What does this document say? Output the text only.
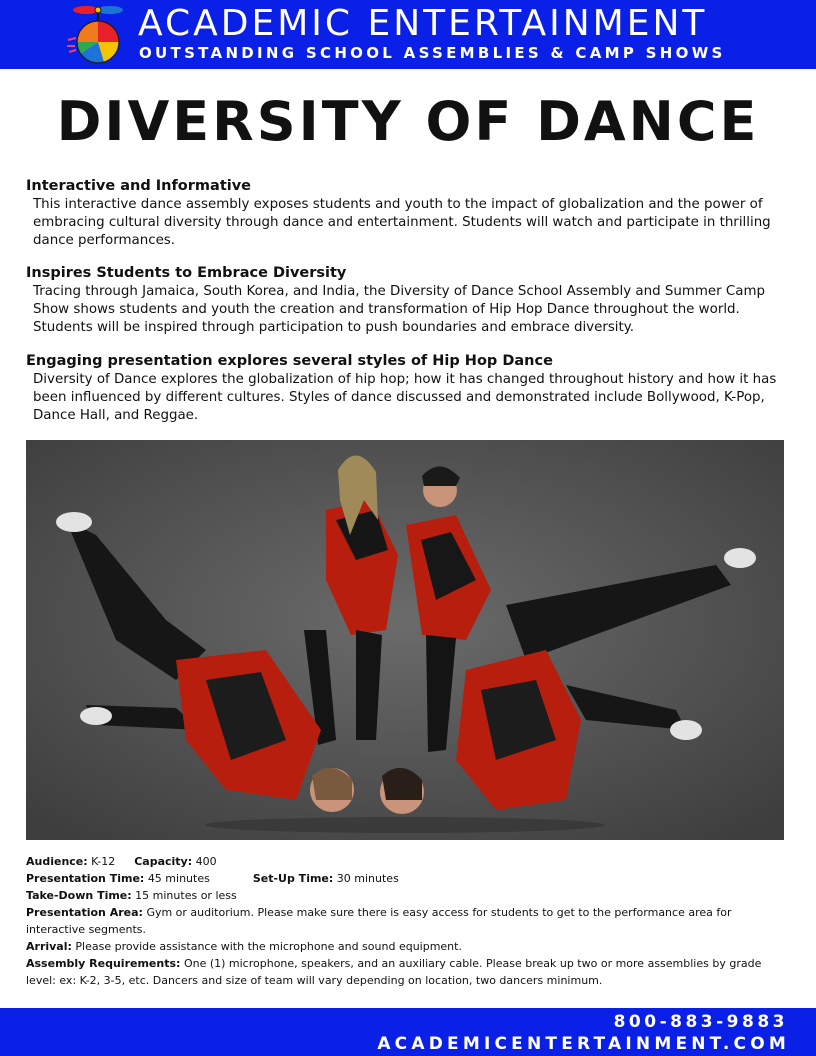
ACADEMIC ENTERTAINMENT
OUTSTANDING SCHOOL ASSEMBLIES & CAMP SHOWS
DIVERSITY OF DANCE
Interactive and Informative

This interactive dance assembly exposes students and youth to the impact of globalization and the power of embracing cultural diversity through dance and entertainment. Students will watch and participate in thrilling dance performances.

Inspires Students to Embrace Diversity

Tracing through Jamaica, South Korea, and India, the Diversity of Dance School Assembly and Summer Camp Show shows students and youth the creation and transformation of Hip Hop Dance throughout the world. Students will be inspired through participation to push boundaries and embrace diversity.

Engaging presentation explores several styles of Hip Hop Dance

Diversity of Dance explores the globalization of hip hop; how it has changed throughout history and how it has been influenced by different cultures. Styles of dance discussed and demonstrated include Bollywood, K-Pop, Dance Hall, and Reggae.

Audience: K-12 Capacity: 400
Presentation Time: 45 minutes	Set-Up Time: 30 minutes
Take-Down Time: 15 minutes or less
Presentation Area: Gym or auditorium. Please make sure there is easy access for students to get to the performance area for interactive segments.
Arrival: Please provide assistance with the microphone and sound equipment.
Assembly Requirements: One (1) microphone, speakers, and an auxiliary cable. Please break up two or more assemblies by grade level: ex: K-2, 3-5, etc. Dancers and size of team will vary depending on location, two dancers minimum.
800-883-9883
ACADEMICENTERTAINMENT.COM
